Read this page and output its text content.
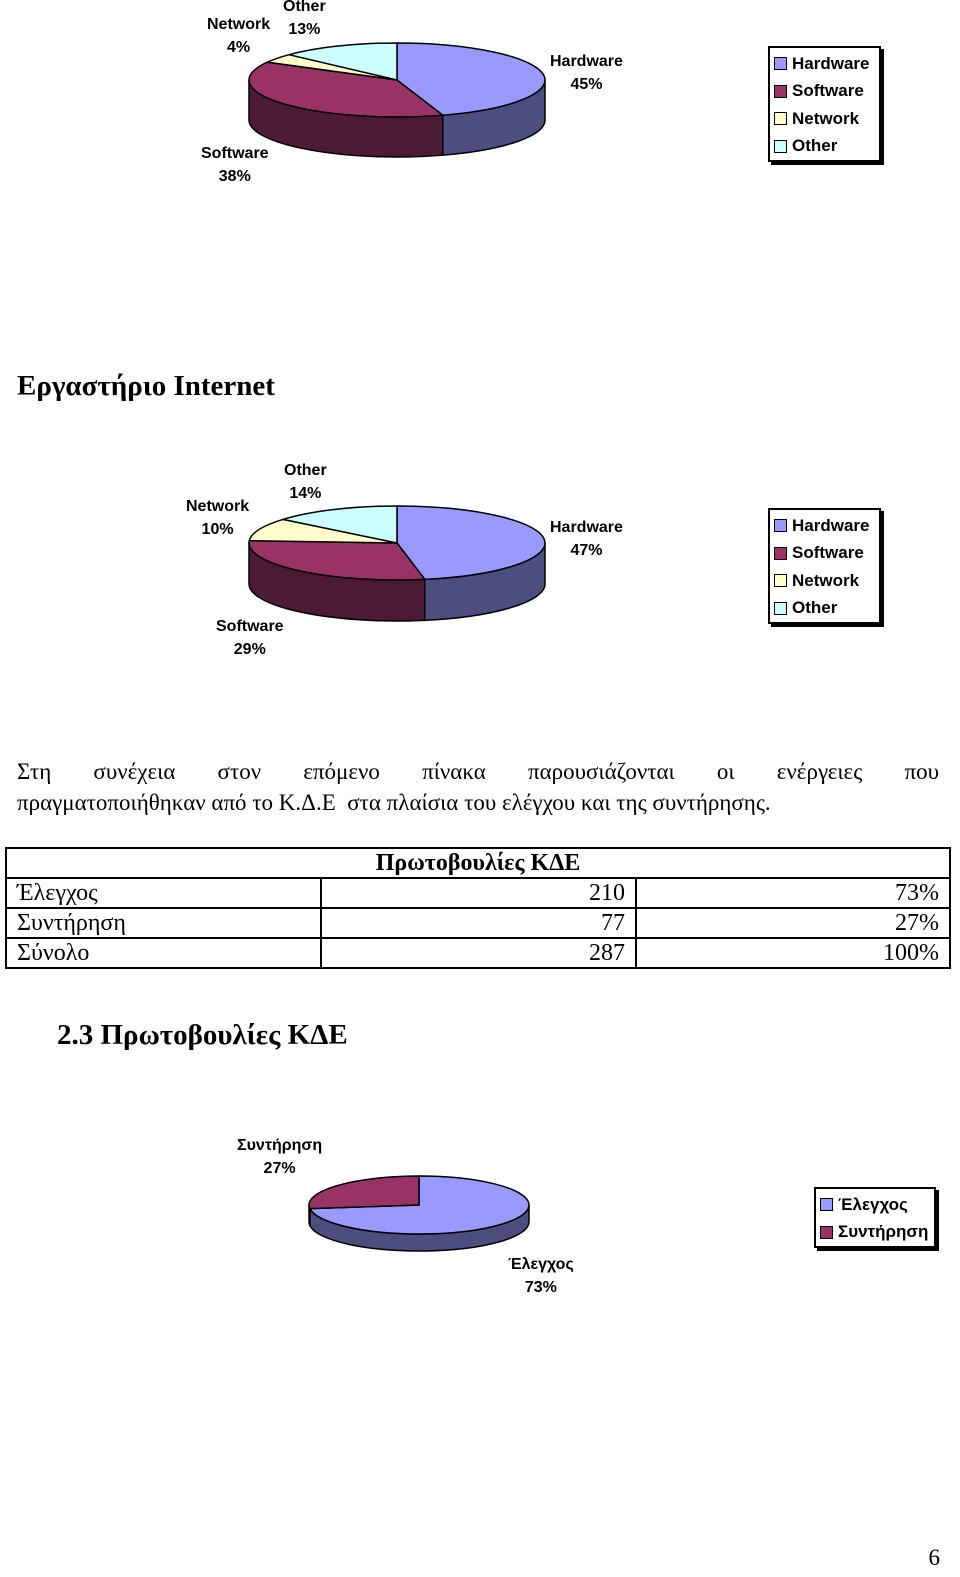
Other
13%
Network
4%
Hardware
45%
Software
38%
Hardware
Software
Network
Other
Εργαστήριο Internet
Other
14%
Network
10%	Hardware
47%
Software
29%
Hardware
Software
Network
Other
Στη συνέχεια στον επόμενο πίνακα παρουσιάζονται οι ενέργειες που
πραγματοποιήθηκαν από το Κ.Δ.Ε  στα πλαίσια του ελέγχου και της συντήρησης.
Πρωτοβουλίες ΚΔΕ		
Έλεγχος	210	73%
Συντήρηση	77	27%
Σύνολο	287	100%
2.3 Πρωτοβουλίες ΚΔΕ
Συντήρηση
27%
Έλεγχος
73%
Έλεγχος
Συντήρηση
6
